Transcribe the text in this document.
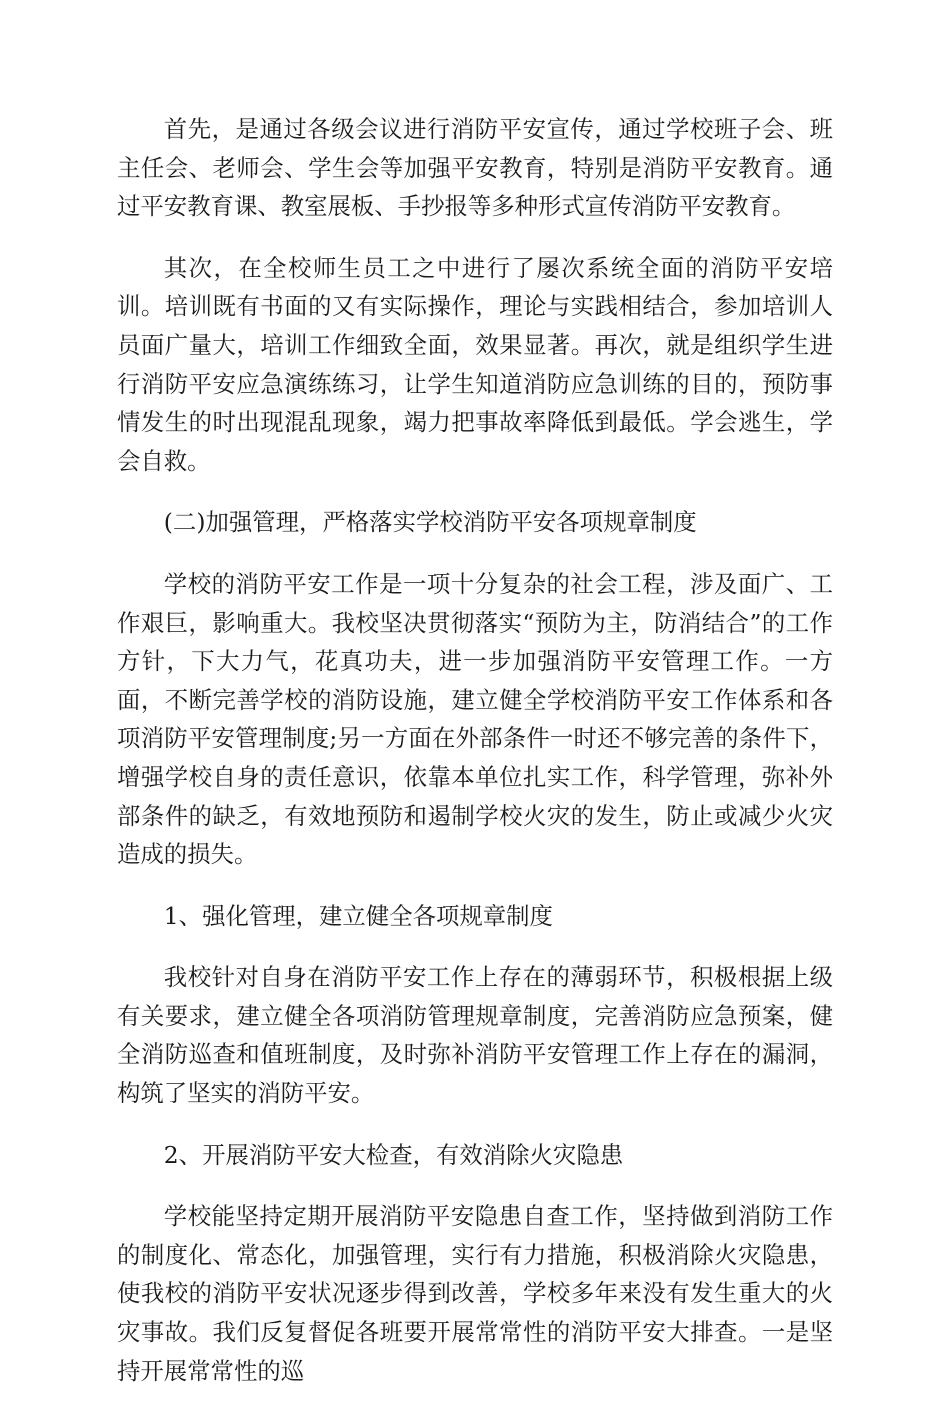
首先，是通过各级会议进行消防平安宣传，通过学校班子会、班主任会、老师会、学生会等加强平安教育，特别是消防平安教育。通过平安教育课、教室展板、手抄报等多种形式宣传消防平安教育。

其次，在全校师生员工之中进行了屡次系统全面的消防平安培训。培训既有书面的又有实际操作，理论与实践相结合，参加培训人员面广量大，培训工作细致全面，效果显著。再次，就是组织学生进行消防平安应急演练练习，让学生知道消防应急训练的目的，预防事情发生的时出现混乱现象，竭力把事故率降低到最低。学会逃生，学会自救。

(二)加强管理，严格落实学校消防平安各项规章制度

学校的消防平安工作是一项十分复杂的社会工程，涉及面广、工作艰巨，影响重大。我校坚决贯彻落实“预防为主，防消结合”的工作方针，下大力气，花真功夫，进一步加强消防平安管理工作。一方面，不断完善学校的消防设施，建立健全学校消防平安工作体系和各项消防平安管理制度;另一方面在外部条件一时还不够完善的条件下，增强学校自身的责任意识，依靠本单位扎实工作，科学管理，弥补外部条件的缺乏，有效地预防和遏制学校火灾的发生，防止或减少火灾造成的损失。

1、强化管理，建立健全各项规章制度

我校针对自身在消防平安工作上存在的薄弱环节，积极根据上级有关要求，建立健全各项消防管理规章制度，完善消防应急预案，健全消防巡查和值班制度，及时弥补消防平安管理工作上存在的漏洞，构筑了坚实的消防平安。

2、开展消防平安大检查，有效消除火灾隐患

学校能坚持定期开展消防平安隐患自查工作，坚持做到消防工作的制度化、常态化，加强管理，实行有力措施，积极消除火灾隐患，使我校的消防平安状况逐步得到改善，学校多年来没有发生重大的火灾事故。我们反复督促各班要开展常常性的消防平安大排查。一是坚持开展常常性的巡
